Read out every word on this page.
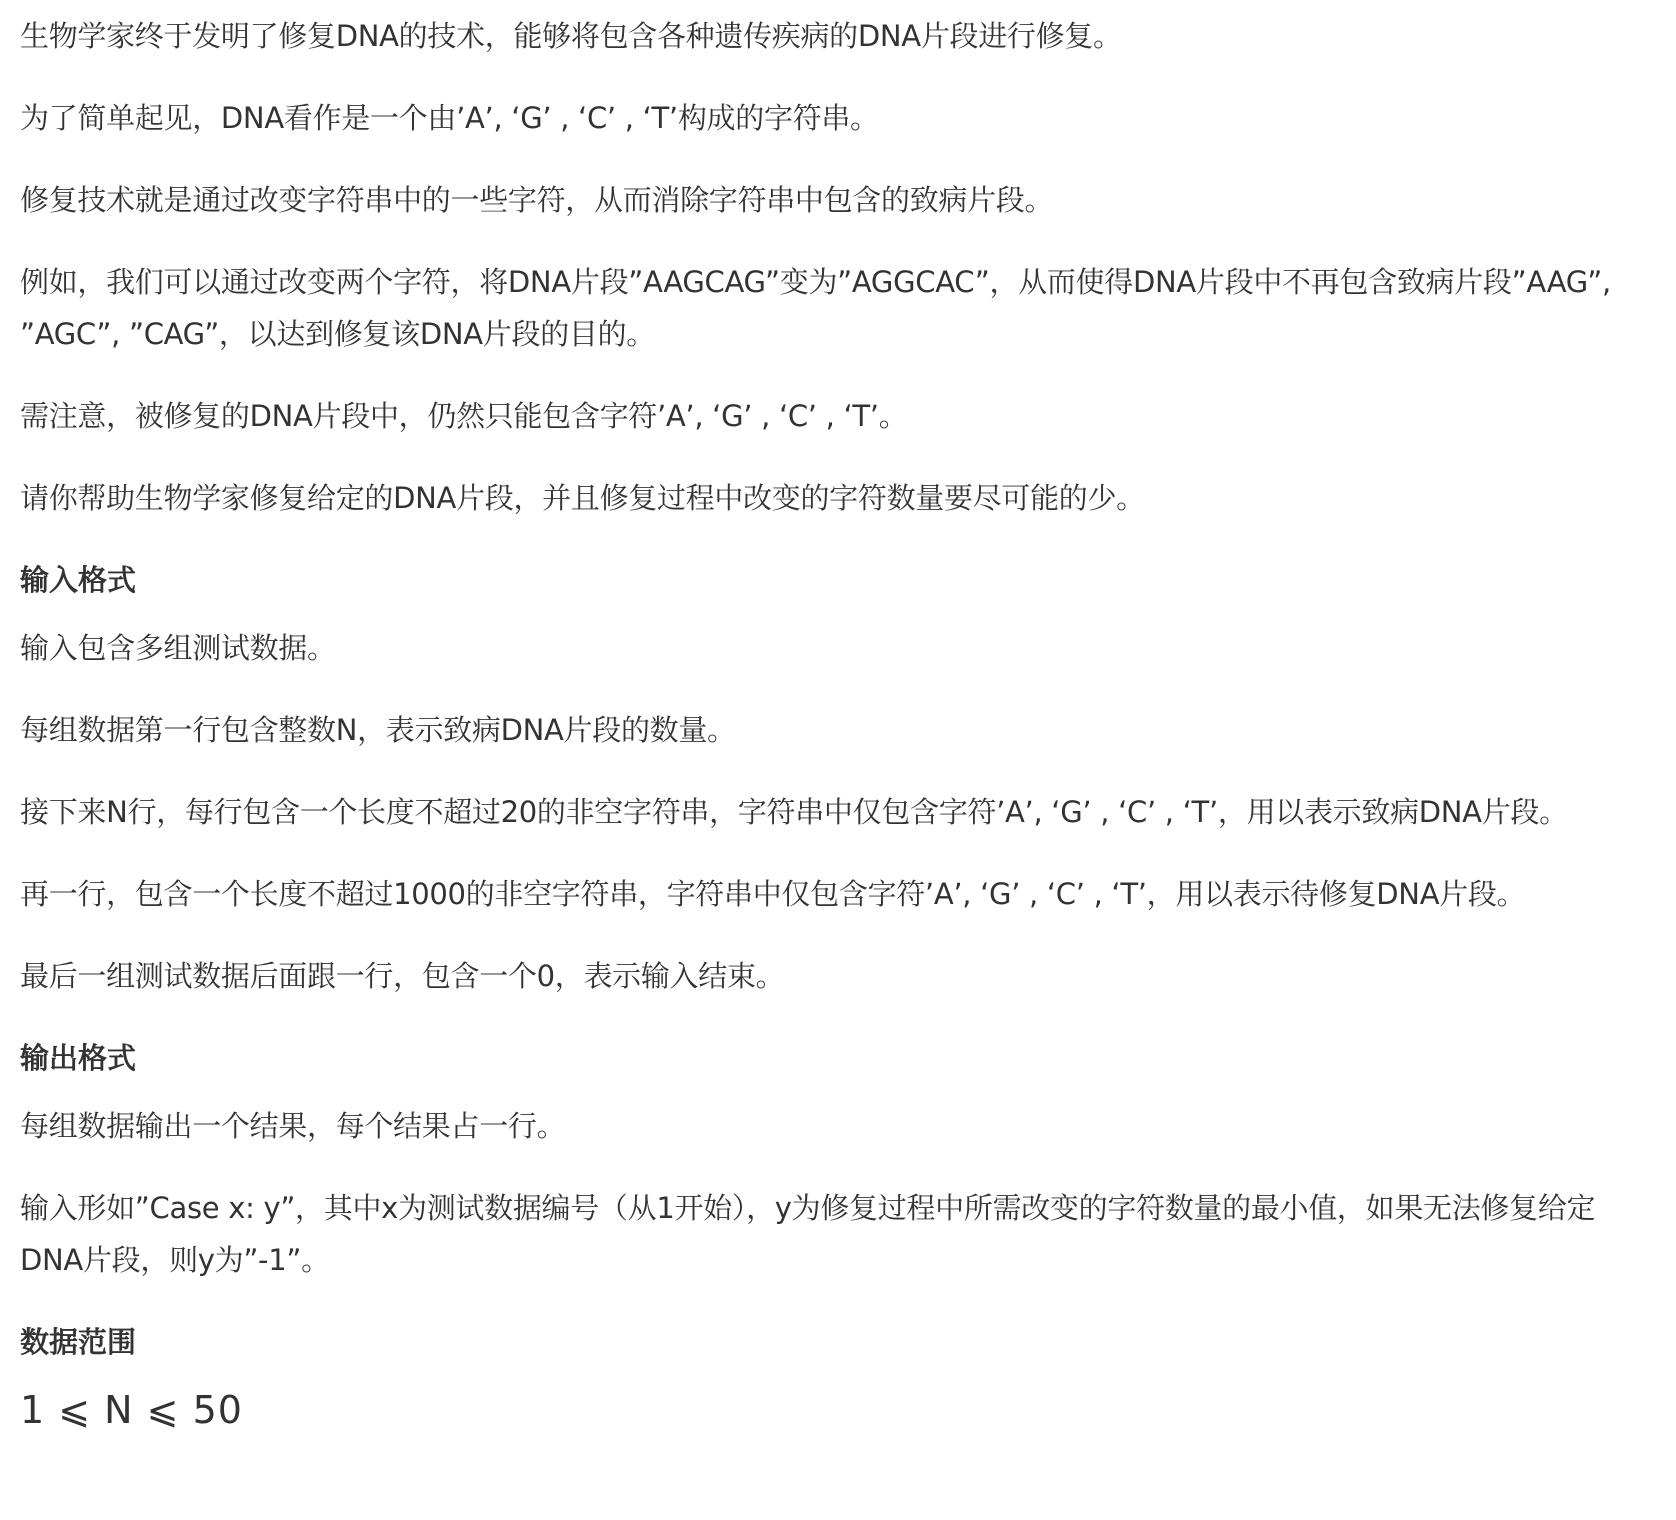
生物学家终于发明了修复DNA的技术，能够将包含各种遗传疾病的DNA片段进行修复。

为了简单起见，DNA看作是一个由’A’, ‘G’ , ‘C’ , ‘T’构成的字符串。

修复技术就是通过改变字符串中的一些字符，从而消除字符串中包含的致病片段。

例如，我们可以通过改变两个字符，将DNA片段”AAGCAG”变为”AGGCAC”，从而使得DNA片段中不再包含致病片段”AAG”, ”AGC”, ”CAG”，以达到修复该DNA片段的目的。

需注意，被修复的DNA片段中，仍然只能包含字符’A’, ‘G’ , ‘C’ , ‘T’。

请你帮助生物学家修复给定的DNA片段，并且修复过程中改变的字符数量要尽可能的少。

输入格式

输入包含多组测试数据。

每组数据第一行包含整数N，表示致病DNA片段的数量。

接下来N行，每行包含一个长度不超过20的非空字符串，字符串中仅包含字符’A’, ‘G’ , ‘C’ , ‘T’，用以表示致病DNA片段。

再一行，包含一个长度不超过1000的非空字符串，字符串中仅包含字符’A’, ‘G’ , ‘C’ , ‘T’，用以表示待修复DNA片段。

最后一组测试数据后面跟一行，包含一个0，表示输入结束。

输出格式

每组数据输出一个结果，每个结果占一行。

输入形如”Case x: y”，其中x为测试数据编号（从1开始），y为修复过程中所需改变的字符数量的最小值，如果无法修复给定DNA片段，则y为”-1”。

数据范围

1 ⩽ N ⩽ 50
